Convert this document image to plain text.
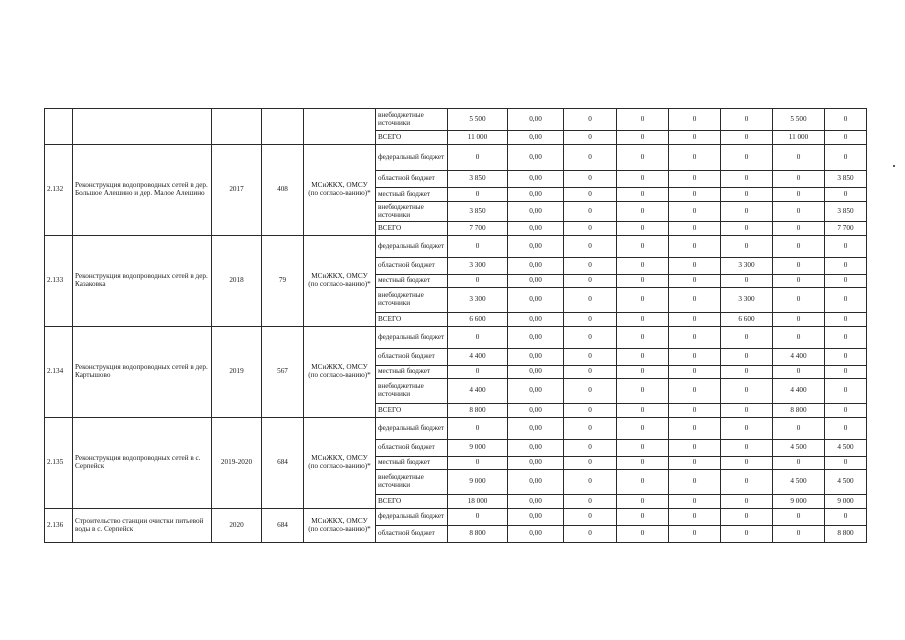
					внебюджетные источники	5 500	0,00	0	0	0	0	5 500	0
					ВСЕГО	11 000	0,00	0	0	0	0	11 000	0
2.132	Реконструкция водопроводных сетей в дер. Большое Алешино и дер. Малое Алешино	2017	408	МСиЖКХ, ОМСУ (по согласо-ванию)*	федеральный бюджет	0	0,00	0	0	0	0	0	0
					областной бюджет	3 850	0,00	0	0	0	0	0	3 850
					местный бюджет	0	0,00	0	0	0	0	0	0
					внебюджетные источники	3 850	0,00	0	0	0	0	0	3 850
					ВСЕГО	7 700	0,00	0	0	0	0	0	7 700
2.133	Реконструкция водопроводных сетей в дер. Казаковка	2018	79	МСиЖКХ, ОМСУ (по согласо-ванию)*	федеральный бюджет	0	0,00	0	0	0	0	0	0
					областной бюджет	3 300	0,00	0	0	0	3 300	0	0
					местный бюджет	0	0,00	0	0	0	0	0	0
					внебюджетные источники	3 300	0,00	0	0	0	3 300	0	0
					ВСЕГО	6 600	0,00	0	0	0	6 600	0	0
2.134	Реконструкция водопроводных сетей в дер. Картышово	2019	567	МСиЖКХ, ОМСУ (по согласо-ванию)*	федеральный бюджет	0	0,00	0	0	0	0	0	0
					областной бюджет	4 400	0,00	0	0	0	0	4 400	0
					местный бюджет	0	0,00	0	0	0	0	0	0
					внебюджетные источники	4 400	0,00	0	0	0	0	4 400	0
					ВСЕГО	8 800	0,00	0	0	0	0	8 800	0
2.135	Реконструкция водопроводных сетей в с. Серпейск	2019-2020	684	МСиЖКХ, ОМСУ (по согласо-ванию)*	федеральный бюджет	0	0,00	0	0	0	0	0	0
					областной бюджет	9 000	0,00	0	0	0	0	4 500	4 500
					местный бюджет	0	0,00	0	0	0	0	0	0
					внебюджетные источники	9 000	0,00	0	0	0	0	4 500	4 500
					ВСЕГО	18 000	0,00	0	0	0	0	9 000	9 000
2.136	Строительство станции очистки питьевой воды в с. Серпейск	2020	684	МСиЖКХ, ОМСУ (по согласо-ванию)*	федеральный бюджет	0	0,00	0	0	0	0	0	0
					областной бюджет	8 800	0,00	0	0	0	0	0	8 800
